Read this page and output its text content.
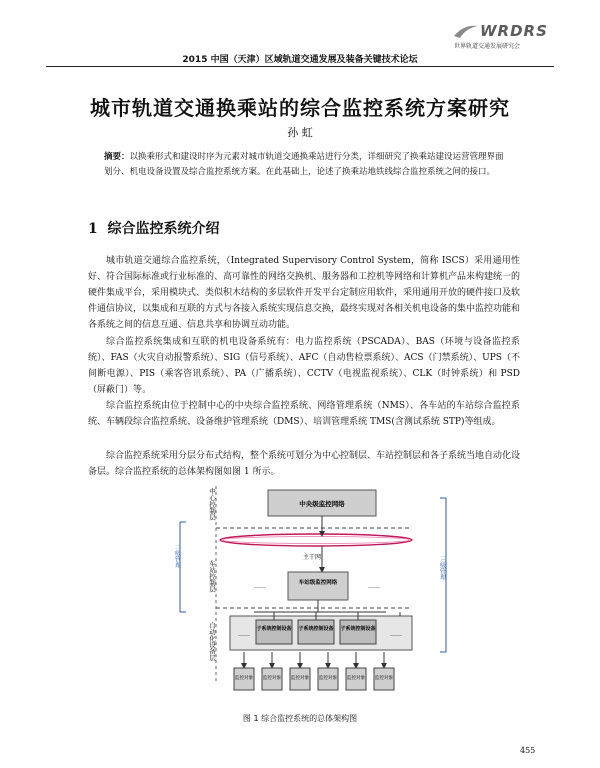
WRDRS
世界轨道交通发展研究会
2015 中国（天津）区域轨道交通发展及装备关键技术论坛
城市轨道交通换乘站的综合监控系统方案研究
孙 虹
摘要：以换乘形式和建设时序为元素对城市轨道交通换乘站进行分类，详细研究了换乘站建设运营管理界面划分、机电设备设置及综合监控系统方案。在此基础上，论述了换乘站地铁线综合监控系统之间的接口。
1 综合监控系统介绍
城市轨道交通综合监控系统，（Integrated Supervisory Control System，简称 ISCS）采用通用性好、符合国际标准或行业标准的、高可靠性的网络交换机、服务器和工控机等网络和计算机产品来构建统一的硬件集成平台，采用模块式、类似积木结构的多层软件开发平台定制应用软件，采用通用开放的硬件接口及软件通信协议，以集成和互联的方式与各接入系统实现信息交换，最终实现对各相关机电设备的集中监控功能和各系统之间的信息互通、信息共享和协调互动功能。
综合监控系统集成和互联的机电设备系统有：电力监控系统（PSCADA）、BAS（环境与设备监控系统）、FAS（火灾自动报警系统）、SIG（信号系统）、AFC（自动售检票系统）、ACS（门禁系统）、UPS（不间断电源）、PIS（乘客咨讯系统）、PA（广播系统）、CCTV（电视监视系统）、CLK（时钟系统）和 PSD（屏蔽门）等。
综合监控系统由位于控制中心的中央综合监控系统、网络管理系统（NMS）、各车站的车站综合监控系统、车辆段综合监控系统、设备维护管理系统（DMS）、培训管理系统 TMS(含测试系统 STP)等组成。
综合监控系统采用分层分布式结构，整个系统可划分为中心控制层、车站控制层和各子系统当地自动化设备层。综合监控系统的总体架构图如图 1 所示。
中心控制层
车站控制层
自动化设备层
二级管理	三级管理
中央级监控网络
主干网
车站级监控网络
……	……
……	……
子系统控制设备 子系统控制设备 子系统控制设备
监控对象 监控对象 监控对象 监控对象 监控对象 监控对象
图 1 综合监控系统的总体架构图
455
